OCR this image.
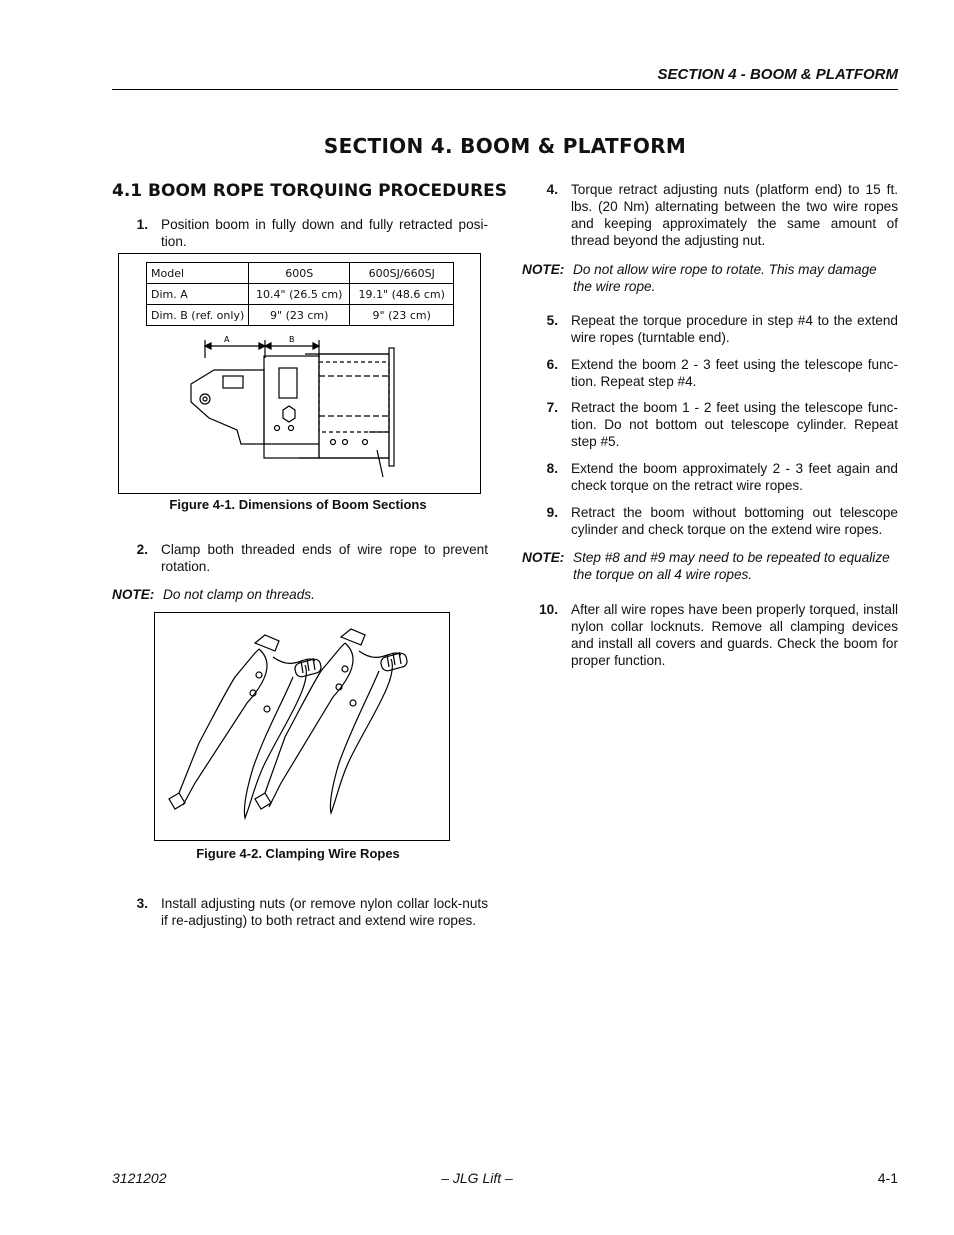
SECTION 4 - BOOM & PLATFORM
SECTION 4. BOOM & PLATFORM
4.1 BOOM ROPE TORQUING PROCEDURES
1. Position boom in fully down and fully retracted posi-tion.
Model	600S	600SJ/660SJ
Dim. A	10.4" (26.5 cm)	19.1" (48.6 cm)
Dim. B (ref. only)	9" (23 cm)	9" (23 cm)
A	B
Figure 4-1. Dimensions of Boom Sections
2. Clamp both threaded ends of wire rope to prevent rotation.
NOTE: Do not clamp on threads.
Figure 4-2. Clamping Wire Ropes
3. Install adjusting nuts (or remove nylon collar lock-nuts if re-adjusting) to both retract and extend wire ropes.
4. Torque retract adjusting nuts (platform end) to 15 ft. lbs. (20 Nm) alternating between the two wire ropes and keeping approximately the same amount of thread beyond the adjusting nut.
NOTE: Do not allow wire rope to rotate. This may damage the wire rope.
5. Repeat the torque procedure in step #4 to the extend wire ropes (turntable end).
6. Extend the boom 2 - 3 feet using the telescope func-tion. Repeat step #4.
7. Retract the boom 1 - 2 feet using the telescope func-tion. Do not bottom out telescope cylinder. Repeat step #5.
8. Extend the boom approximately 2 - 3 feet again and check torque on the retract wire ropes.
9. Retract the boom without bottoming out telescope cylinder and check torque on the extend wire ropes.
NOTE: Step #8 and #9 may need to be repeated to equalize the torque on all 4 wire ropes.
10. After all wire ropes have been properly torqued, install nylon collar locknuts. Remove all clamping devices and install all covers and guards. Check the boom for proper function.
3121202	– JLG Lift –	4-1
